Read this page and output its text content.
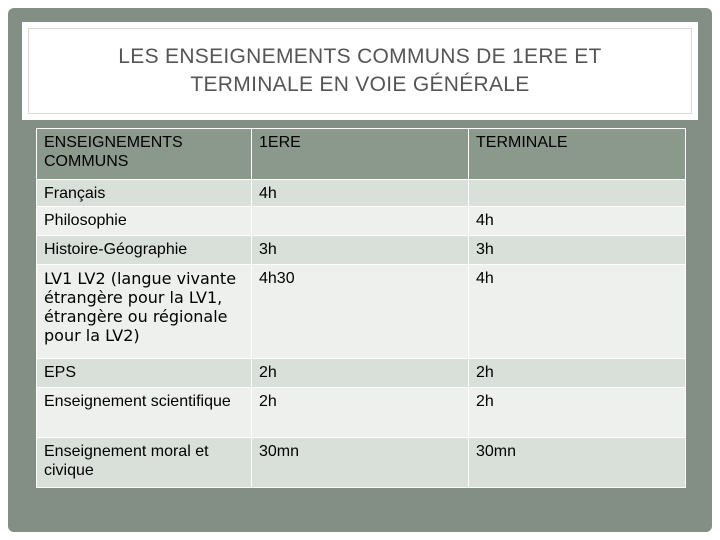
LES ENSEIGNEMENTS COMMUNS DE 1ERE ET
TERMINALE EN VOIE GÉNÉRALE
ENSEIGNEMENTS COMMUNS	1ERE	TERMINALE
Français	4h	
Philosophie		4h
Histoire-Géographie	3h	3h
LV1 LV2 (langue vivante étrangère pour la LV1, étrangère ou régionale pour la LV2)	4h30	4h
EPS	2h	2h
Enseignement scientifique	2h	2h
Enseignement moral et civique	30mn	30mn
